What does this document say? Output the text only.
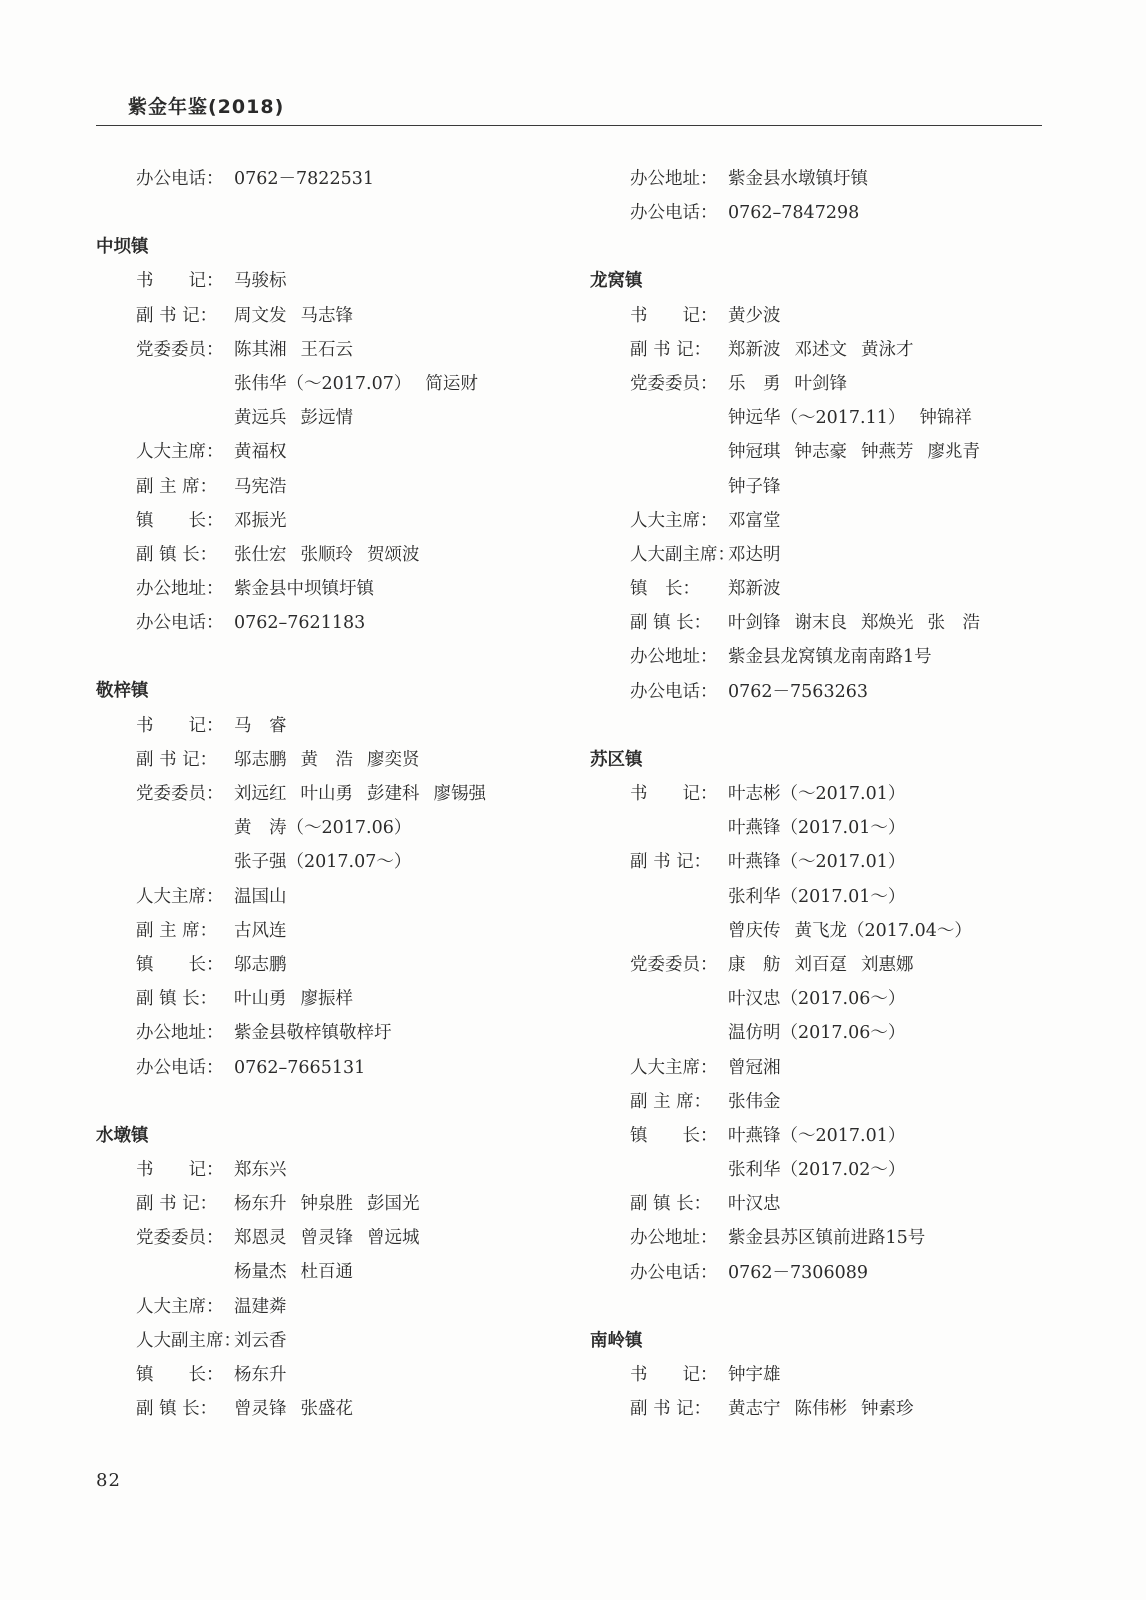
紫金年鉴(2018)
办公电话： 0762－7822531
中坝镇
书　　记： 马骏标
副 书 记： 周文发 马志锋
党委委员： 陈其湘 王石云
张伟华（～2017.07） 简运财
黄远兵 彭远情
人大主席： 黄福权
副 主 席： 马宪浩
镇　　长： 邓振光
副 镇 长： 张仕宏 张顺玲 贺颂波
办公地址： 紫金县中坝镇圩镇
办公电话： 0762–7621183
敬梓镇
书　　记： 马　睿
副 书 记： 邬志鹏 黄　浩 廖奕贤
党委委员： 刘远红 叶山勇 彭建科 廖锡强
黄　涛（～2017.06）
张子强（2017.07～）
人大主席： 温国山
副 主 席： 古风连
镇　　长： 邬志鹏
副 镇 长： 叶山勇 廖振样
办公地址： 紫金县敬梓镇敬梓圩
办公电话： 0762–7665131
水墩镇
书　　记： 郑东兴
副 书 记： 杨东升 钟泉胜 彭国光
党委委员： 郑恩灵 曾灵锋 曾远城
杨量杰 杜百通
人大主席： 温建粦
人大副主席：
刘云香
镇　　长： 杨东升
副 镇 长： 曾灵锋 张盛花
办公地址： 紫金县水墩镇圩镇
办公电话： 0762–7847298
龙窝镇
书　　记： 黄少波
副 书 记： 郑新波 邓述文 黄泳才
党委委员： 乐　勇 叶剑锋
钟远华（～2017.11） 钟锦祥
钟冠琪 钟志豪 钟燕芳 廖兆青
钟子锋
人大主席： 邓富堂
人大副主席：
邓达明
镇　长： 郑新波
副 镇 长： 叶剑锋 谢末良 郑焕光 张　浩
办公地址： 紫金县龙窝镇龙南南路1号
办公电话： 0762－7563263
苏区镇
书　　记： 叶志彬（～2017.01）
叶燕锋（2017.01～）
副 书 记： 叶燕锋（～2017.01）
张利华（2017.01～）
曾庆传 黄飞龙（2017.04～）
党委委员： 康　舫 刘百趸 刘惠娜
叶汉忠（2017.06～）
温仿明（2017.06～）
人大主席： 曾冠湘
副 主 席： 张伟金
镇　　长： 叶燕锋（～2017.01）
张利华（2017.02～）
副 镇 长： 叶汉忠
办公地址： 紫金县苏区镇前进路15号
办公电话： 0762－7306089
南岭镇
书　　记： 钟宇雄
副 书 记： 黄志宁 陈伟彬 钟素珍
82
